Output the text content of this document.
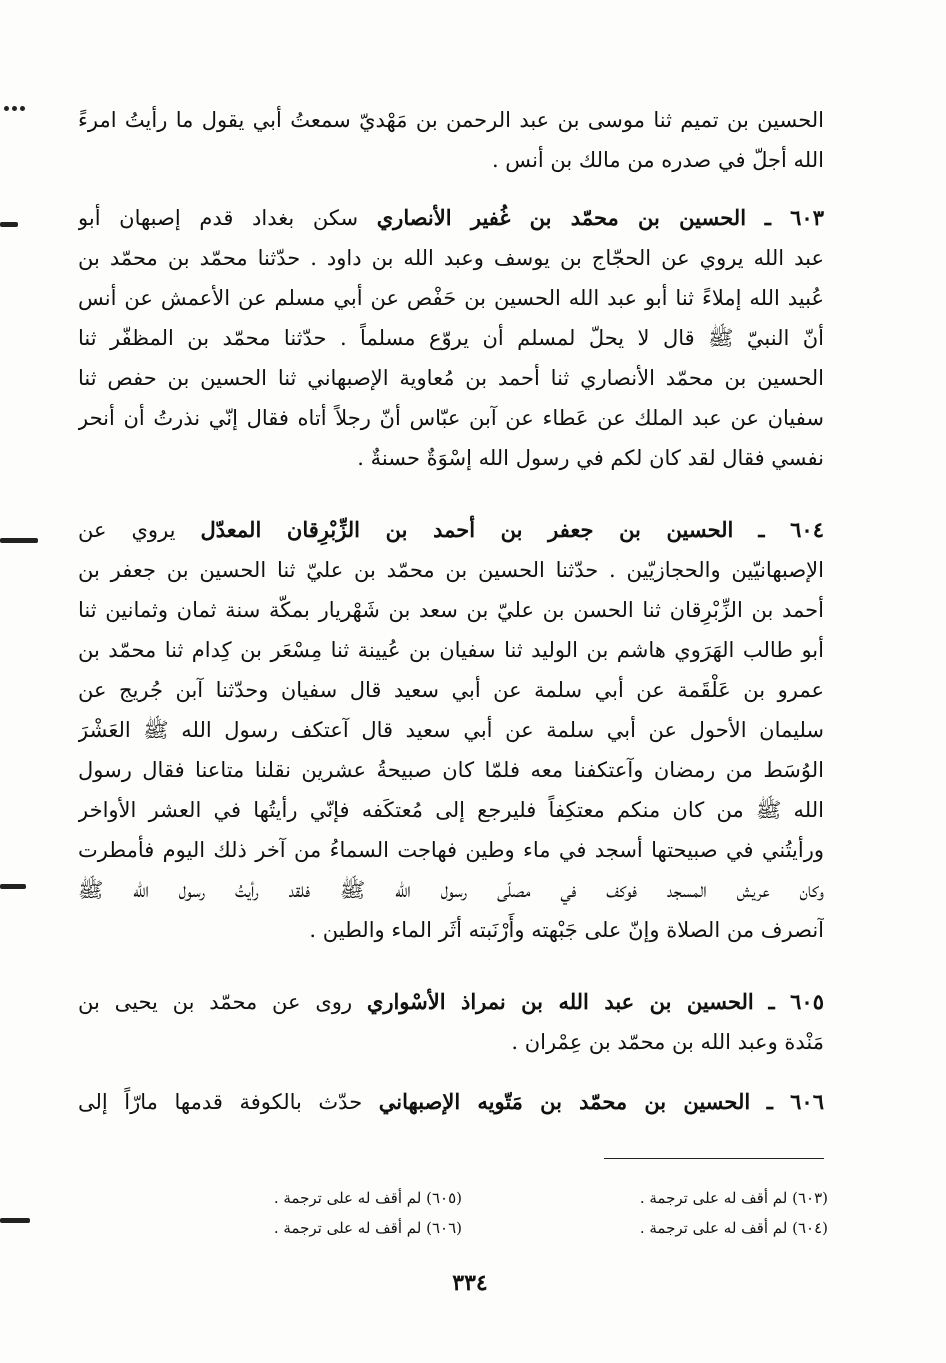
الحسين بن تميم ثنا موسى بن عبد الرحمن بن مَهْديّ سمعتُ أبي يقول ما رأيتُ امرءً
الله أجلّ في صدره من مالك بن أنس .
٦٠٣ ـ الحسين بن محمّد بن غُفير الأنصاري سكن بغداد قدم إصبهان أبو
عبد الله يروي عن الحجّاج بن يوسف وعبد الله بن داود . حدّثنا محمّد بن محمّد بن
عُبيد الله إملاءً ثنا أبو عبد الله الحسين بن حَفْص عن أبي مسلم عن الأعمش عن أنس
أنّ النبيّ ﷺ قال لا يحلّ لمسلم أن يروّع مسلماً . حدّثنا محمّد بن المظفّر ثنا
الحسين بن محمّد الأنصاري ثنا أحمد بن مُعاوية الإصبهاني ثنا الحسين بن حفص ثنا
سفيان عن عبد الملك عن عَطاء عن آبن عبّاس أنّ رجلاً أتاه فقال إنّي نذرتُ أن أنحر
نفسي فقال لقد كان لكم في رسول الله إسْوَةٌ حسنةٌ .
٦٠٤ ـ الحسين بن جعفر بن أحمد بن الزِّبْرِقان المعدّل يروي عن
الإصبهانيّين والحجازيّين . حدّثنا الحسين بن محمّد بن عليّ ثنا الحسين بن جعفر بن
أحمد بن الزِّبْرِقان ثنا الحسن بن عليّ بن سعد بن شَهْريار بمكّة سنة ثمان وثمانين ثنا
أبو طالب الهَرَوي هاشم بن الوليد ثنا سفيان بن عُيينة ثنا مِسْعَر بن كِدام ثنا محمّد بن
عمرو بن عَلْقَمة عن أبي سلمة عن أبي سعيد قال سفيان وحدّثنا آبن جُريج عن
سليمان الأحول عن أبي سلمة عن أبي سعيد قال آعتكف رسول الله ﷺ العَشْرَ
الوُسَط من رمضان وآعتكفنا معه فلمّا كان صبيحةُ عشرين نقلنا متاعنا فقال رسول
الله ﷺ من كان منكم معتكِفاً فليرجع إلى مُعتكَفه فإنّي رأيتُها في العشر الأواخر
ورأيتُني في صبيحتها أسجد في ماء وطين فهاجت السماءُ من آخر ذلك اليوم فأمطرت
وكان عريش المسجد فوكف في مصلّى رسول الله ﷺ فلقد رأيتُ رسول الله ﷺ
آنصرف من الصلاة وإنّ على جَبْهته وأَرْنَبته أثَر الماء والطين .
٦٠٥ ـ الحسين بن عبد الله بن نمراذ الأسْواري روى عن محمّد بن يحيى بن
مَنْدة وعبد الله بن محمّد بن عِمْران .
٦٠٦ ـ الحسين بن محمّد بن مَتّويه الإصبهاني حدّث بالكوفة قدمها مارّاً إلى
(٦٠٣) لم أقف له على ترجمة .
(٦٠٤) لم أقف له على ترجمة .
(٦٠٥) لم أقف له على ترجمة .
(٦٠٦) لم أقف له على ترجمة .
٣٣٤
